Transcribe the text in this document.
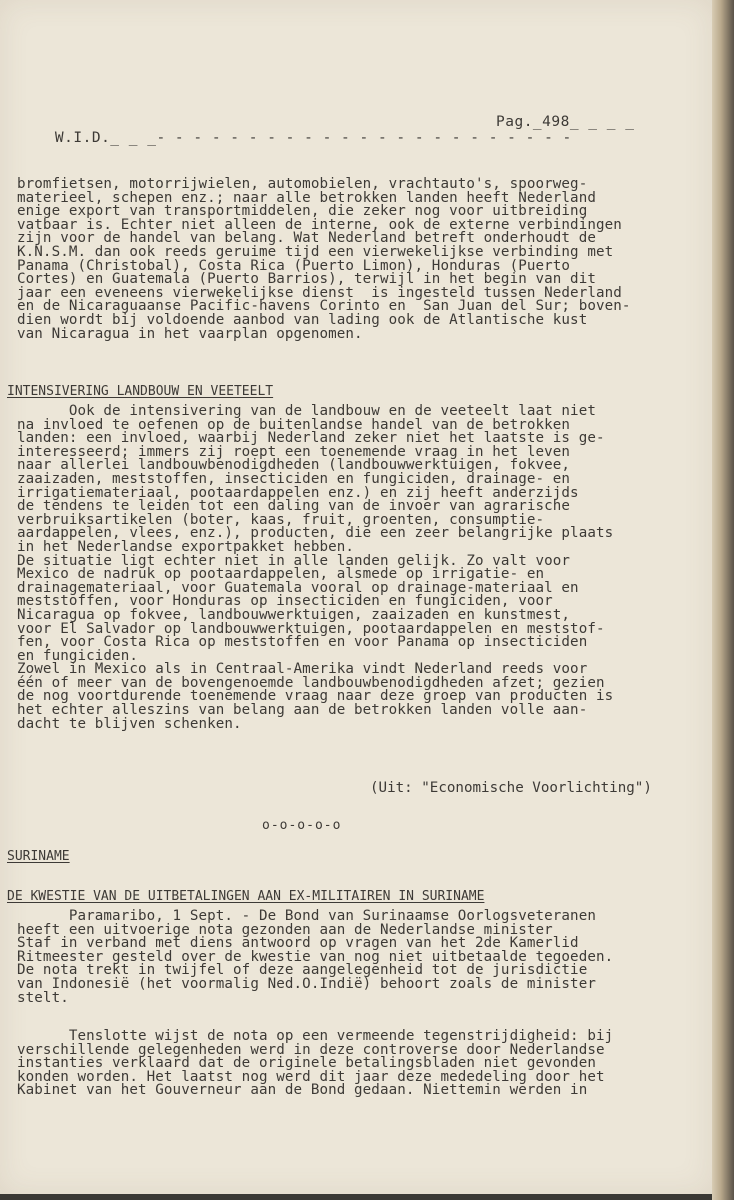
W.I.D._ _ _- - - - - - - - - - - - - - - - - - - - - - -

Pag._498_ _ _ _

bromfietsen, motorrijwielen, automobielen, vrachtauto's, spoorweg-
materieel, schepen enz.; naar alle betrokken landen heeft Nederland
enige export van transportmiddelen, die zeker nog voor uitbreiding
vatbaar is. Echter niet alleen de interne, ook de externe verbindingen
zijn voor de handel van belang. Wat Nederland betreft onderhoudt de
K.N.S.M. dan ook reeds geruime tijd een vierwekelijkse verbinding met
Panama (Christobal), Costa Rica (Puerto Limon), Honduras (Puerto
Cortes) en Guatemala (Puerto Barrios), terwijl in het begin van dit
jaar een eveneens vierwekelijkse dienst  is ingesteld tussen Nederland
en de Nicaraguaanse Pacific-havens Corinto en  San Juan del Sur; boven-
dien wordt bij voldoende aanbod van lading ook de Atlantische kust
van Nicaragua in het vaarplan opgenomen.
INTENSIVERING LANDBOUW EN VEETEELT
Ook de intensivering van de landbouw en de veeteelt laat niet
na invloed te oefenen op de buitenlandse handel van de betrokken
landen: een invloed, waarbij Nederland zeker niet het laatste is ge-
interesseerd; immers zij roept een toenemende vraag in het leven
naar allerlei landbouwbenodigdheden (landbouwwerktuigen, fokvee,
zaaizaden, meststoffen, insecticiden en fungiciden, drainage- en
irrigatiemateriaal, pootaardappelen enz.) en zij heeft anderzijds
de tendens te leiden tot een daling van de invoer van agrarische
verbruiksartikelen (boter, kaas, fruit, groenten, consumptie-
aardappelen, vlees, enz.), producten, die een zeer belangrijke plaats
in het Nederlandse exportpakket hebben.
De situatie ligt echter niet in alle landen gelijk. Zo valt voor
Mexico de nadruk op pootaardappelen, alsmede op irrigatie- en
drainagemateriaal, voor Guatemala vooral op drainage-materiaal en
meststoffen, voor Honduras op insecticiden en fungiciden, voor
Nicaragua op fokvee, landbouwwerktuigen, zaaizaden en kunstmest,
voor El Salvador op landbouwwerktuigen, pootaardappelen en meststof-
fen, voor Costa Rica op meststoffen en voor Panama op insecticiden
en fungiciden.
Zowel in Mexico als in Centraal-Amerika vindt Nederland reeds voor
één of meer van de bovengenoemde landbouwbenodigdheden afzet; gezien
de nog voortdurende toenemende vraag naar deze groep van producten is
het echter alleszins van belang aan de betrokken landen volle aan-
dacht te blijven schenken.
(Uit: "Economische Voorlichting")
o-o-o-o-o
SURINAME
DE KWESTIE VAN DE UITBETALINGEN AAN EX-MILITAIREN IN SURINAME
Paramaribo, 1 Sept. - De Bond van Surinaamse Oorlogsveteranen
heeft een uitvoerige nota gezonden aan de Nederlandse minister
Staf in verband met diens antwoord op vragen van het 2de Kamerlid
Ritmeester gesteld over de kwestie van nog niet uitbetaalde tegoeden.
De nota trekt in twijfel of deze aangelegenheid tot de jurisdictie
van Indonesië (het voormalig Ned.O.Indië) behoort zoals de minister
stelt.
Tenslotte wijst de nota op een vermeende tegenstrijdigheid: bij
verschillende gelegenheden werd in deze controverse door Nederlandse
instanties verklaard dat de originele betalingsbladen niet gevonden
konden worden. Het laatst nog werd dit jaar deze mededeling door het
Kabinet van het Gouverneur aan de Bond gedaan. Niettemin werden in
